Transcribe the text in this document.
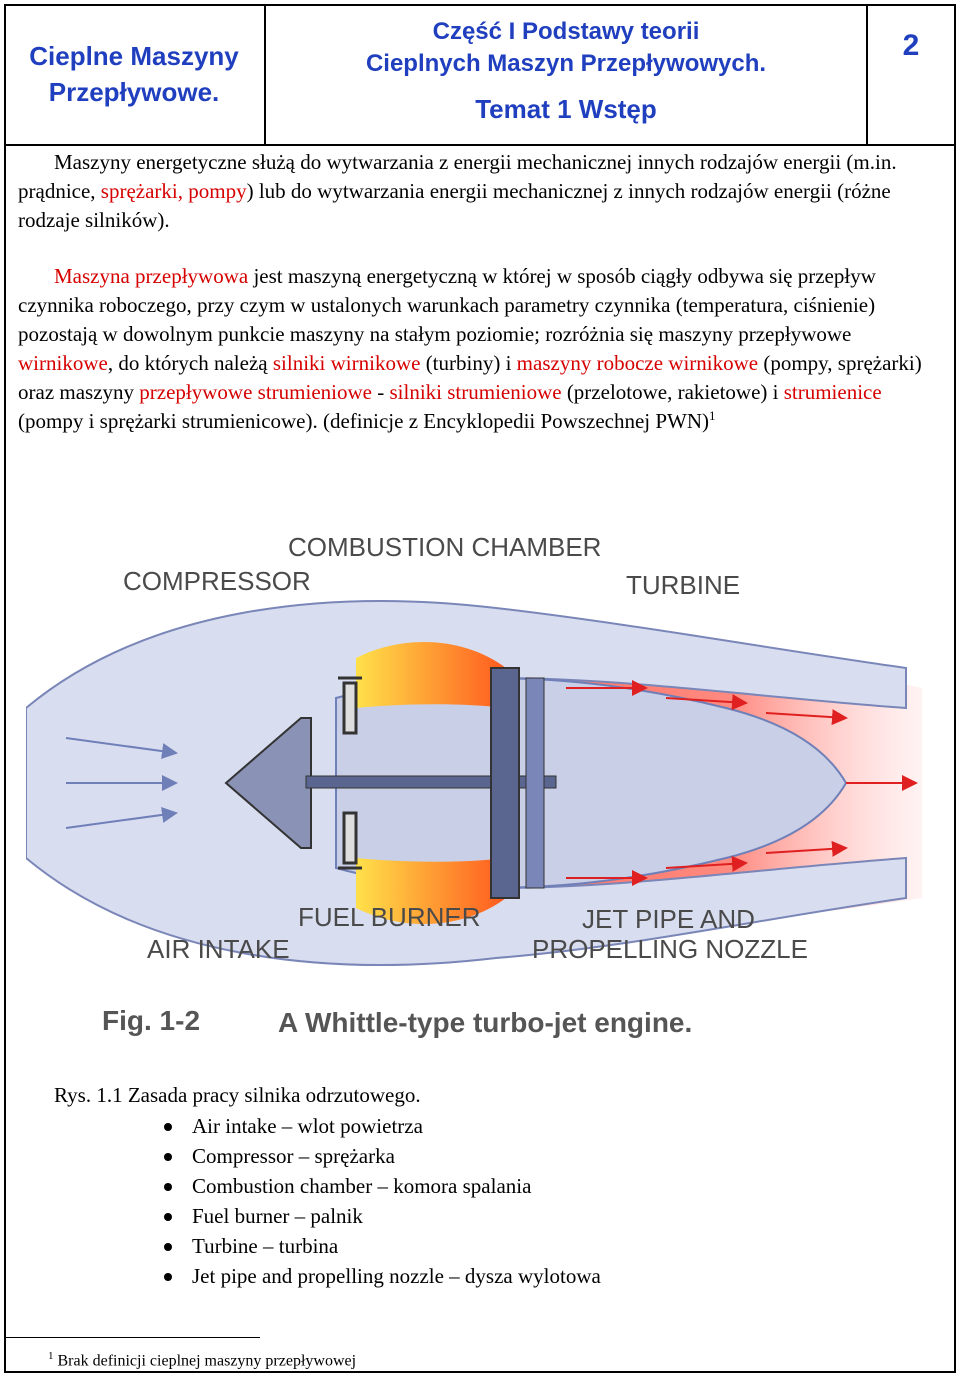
Cieplne Maszyny
Przepływowe.
Część I Podstawy teorii
Cieplnych Maszyn Przepływowych.
Temat 1 Wstęp
2
Maszyny energetyczne służą do wytwarzania z energii mechanicznej innych rodzajów energii (m.in. prądnice, sprężarki, pompy) lub do wytwarzania energii mechanicznej z innych rodzajów energii (różne rodzaje silników).
Maszyna przepływowa jest maszyną energetyczną w której w sposób ciągły odbywa się przepływ czynnika roboczego, przy czym w ustalonych warunkach parametry czynnika (temperatura, ciśnienie) pozostają w dowolnym punkcie maszyny na stałym poziomie; rozróżnia się maszyny przepływowe wirnikowe, do których należą silniki wirnikowe (turbiny) i maszyny robocze wirnikowe (pompy, sprężarki) oraz maszyny przepływowe strumieniowe - silniki strumieniowe (przelotowe, rakietowe) i strumienice (pompy i sprężarki strumienicowe). (definicje z Encyklopedii Powszechnej PWN)$^1$
COMBUSTION CHAMBER
COMPRESSOR	TURBINE
FUEL BURNER
AIR INTAKE
JET PIPE AND
PROPELLING NOZZLE
Fig. 1-2	A Whittle-type turbo-jet engine.
Rys. 1.1 Zasada pracy silnika odrzutowego.
Air intake – wlot powietrza
Compressor – sprężarka
Combustion chamber – komora spalania
Fuel burner – palnik
Turbine – turbina
Jet pipe and propelling nozzle – dysza wylotowa
$^1$ Brak definicji cieplnej maszyny przepływowej
